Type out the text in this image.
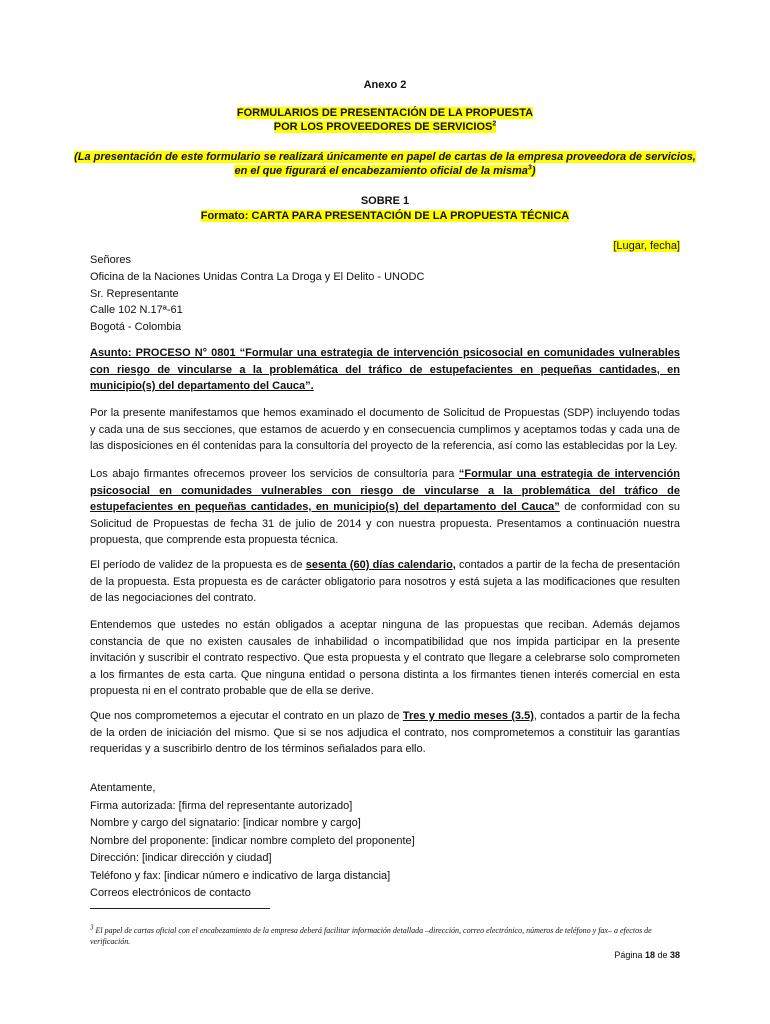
Anexo 2
FORMULARIOS DE PRESENTACIÓN DE LA PROPUESTA
POR LOS PROVEEDORES DE SERVICIOS$^2$
(La presentación de este formulario se realizará únicamente en papel de cartas de la empresa proveedora de servicios,
en el que figurará el encabezamiento oficial de la misma$^3$)
SOBRE 1
Formato: CARTA PARA PRESENTACIÓN DE LA PROPUESTA TÉCNICA
[Lugar, fecha]
Señores
Oficina de la Naciones Unidas Contra La Droga y El Delito - UNODC
Sr. Representante
Calle 102 N.17ª-61
Bogotá - Colombia
Asunto: PROCESO N° 0801 “Formular una estrategia de intervención psicosocial en comunidades vulnerables con riesgo de vincularse a la problemática del tráfico de estupefacientes en pequeñas cantidades, en municipio(s) del departamento del Cauca”.
Por la presente manifestamos que hemos examinado el documento de Solicitud de Propuestas (SDP) incluyendo todas y cada una de sus secciones, que estamos de acuerdo y en consecuencia cumplimos y aceptamos todas y cada una de las disposiciones en él contenidas para la consultoría del proyecto de la referencia, así como las establecidas por la Ley.
Los abajo firmantes ofrecemos proveer los servicios de consultoría para “Formular una estrategia de intervención psicosocial en comunidades vulnerables con riesgo de vincularse a la problemática del tráfico de estupefacientes en pequeñas cantidades, en municipio(s) del departamento del Cauca” de conformidad con su Solicitud de Propuestas de fecha 31 de julio de 2014 y con nuestra propuesta. Presentamos a continuación nuestra propuesta, que comprende esta propuesta técnica.
El período de validez de la propuesta es de sesenta (60) días calendario, contados a partir de la fecha de presentación de la propuesta. Esta propuesta es de carácter obligatorio para nosotros y está sujeta a las modificaciones que resulten de las negociaciones del contrato.
Entendemos que ustedes no están obligados a aceptar ninguna de las propuestas que reciban. Además dejamos constancia de que no existen causales de inhabilidad o incompatibilidad que nos impida participar en la presente invitación y suscribir el contrato respectivo. Que esta propuesta y el contrato que llegare a celebrarse solo comprometen a los firmantes de esta carta. Que ninguna entidad o persona distinta a los firmantes tienen interés comercial en esta propuesta ni en el contrato probable que de ella se derive.
Que nos comprometemos a ejecutar el contrato en un plazo de Tres y medio meses (3.5), contados a partir de la fecha de la orden de iniciación del mismo. Que si se nos adjudica el contrato, nos comprometemos a constituir las garantías requeridas y a suscribirlo dentro de los términos señalados para ello.
Atentamente,
Firma autorizada: [firma del representante autorizado]
Nombre y cargo del signatario: [indicar nombre y cargo]
Nombre del proponente: [indicar nombre completo del proponente]
Dirección: [indicar dirección y ciudad]
Teléfono y fax: [indicar número e indicativo de larga distancia]
Correos electrónicos de contacto
$^3$ El papel de cartas oficial con el encabezamiento de la empresa deberá facilitar información detallada –dirección, correo electrónico, números de teléfono y fax– a efectos de verificación.
Página 18 de 38
